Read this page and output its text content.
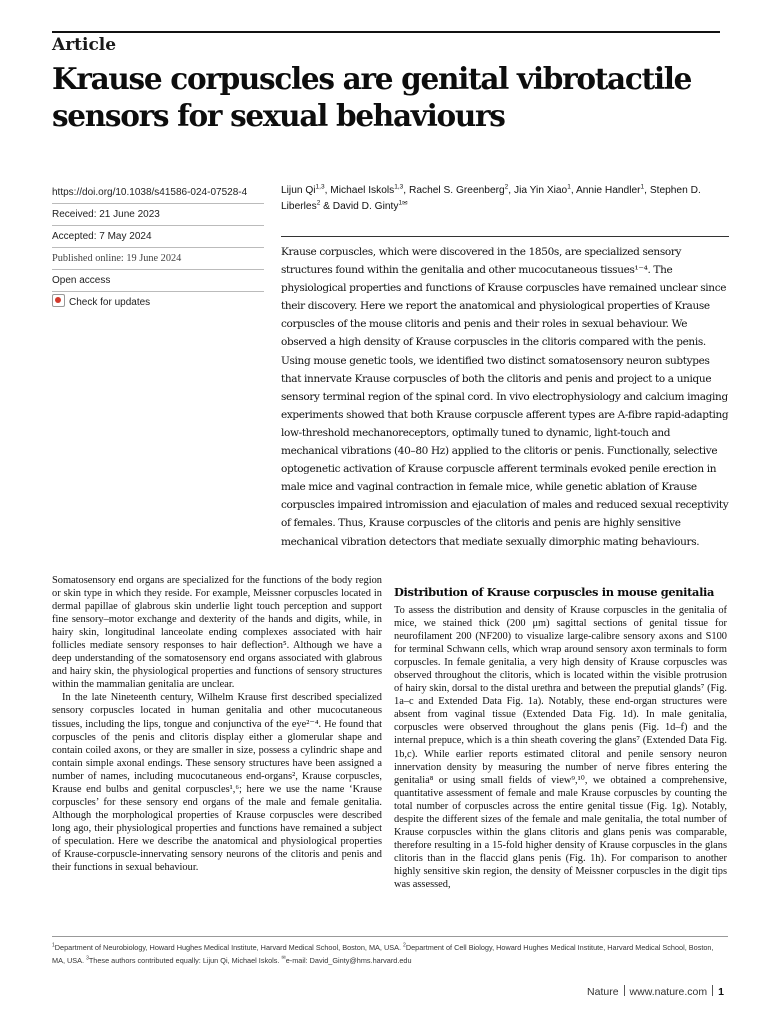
Article
Krause corpuscles are genital vibrotactile sensors for sexual behaviours
https://doi.org/10.1038/s41586-024-07528-4
Received: 21 June 2023
Accepted: 7 May 2024
Published online: 19 June 2024
Open access
Check for updates
Lijun Qi$^{1,3}$, Michael Iskols$^{1,3}$, Rachel S. Greenberg$^2$, Jia Yin Xiao$^1$, Annie Handler$^1$, Stephen D. Liberles$^2$ & David D. Ginty$^{1✉}$

Krause corpuscles, which were discovered in the 1850s, are specialized sensory structures found within the genitalia and other mucocutaneous tissues¹⁻⁴. The physiological properties and functions of Krause corpuscles have remained unclear since their discovery. Here we report the anatomical and physiological properties of Krause corpuscles of the mouse clitoris and penis and their roles in sexual behaviour. We observed a high density of Krause corpuscles in the clitoris compared with the penis. Using mouse genetic tools, we identified two distinct somatosensory neuron subtypes that innervate Krause corpuscles of both the clitoris and penis and project to a unique sensory terminal region of the spinal cord. In vivo electrophysiology and calcium imaging experiments showed that both Krause corpuscle afferent types are A-fibre rapid-adapting low-threshold mechanoreceptors, optimally tuned to dynamic, light-touch and mechanical vibrations (40–80 Hz) applied to the clitoris or penis. Functionally, selective optogenetic activation of Krause corpuscle afferent terminals evoked penile erection in male mice and vaginal contraction in female mice, while genetic ablation of Krause corpuscles impaired intromission and ejaculation of males and reduced sexual receptivity of females. Thus, Krause corpuscles of the clitoris and penis are highly sensitive mechanical vibration detectors that mediate sexually dimorphic mating behaviours.

Somatosensory end organs are specialized for the functions of the body region or skin type in which they reside. For example, Meissner corpuscles located in dermal papillae of glabrous skin underlie light touch perception and support fine sensory–motor exchange and dexterity of the hands and digits, while, in hairy skin, longitudinal lanceolate ending complexes associated with hair follicles mediate sensory responses to hair deflection⁵. Although we have a deep understanding of the somatosensory end organs associated with glabrous and hairy skin, the physiological properties and functions of sensory structures within the mammalian genitalia are unclear.

In the late Nineteenth century, Wilhelm Krause first described specialized sensory corpuscles located in human genitalia and other mucocutaneous tissues, including the lips, tongue and conjunctiva of the eye²⁻⁴. He found that corpuscles of the penis and clitoris display either a glomerular shape and contain coiled axons, or they are smaller in size, possess a cylindric shape and contain simple axonal endings. These sensory structures have been assigned a number of names, including mucocutaneous end-organs², Krause corpuscles, Krause end bulbs and genital corpuscles¹,⁶; here we use the name ‘Krause corpuscles’ for these sensory end organs of the male and female genitalia. Although the morphological properties of Krause corpuscles were described long ago, their physiological properties and functions have remained a subject of speculation. Here we describe the anatomical and physiological properties of Krause-corpuscle-innervating sensory neurons of the clitoris and penis and their functions in sexual behaviour.

Distribution of Krause corpuscles in mouse genitalia

To assess the distribution and density of Krause corpuscles in the genitalia of mice, we stained thick (200 μm) sagittal sections of genital tissue for neurofilament 200 (NF200) to visualize large-calibre sensory axons and S100 for terminal Schwann cells, which wrap around sensory axon terminals to form corpuscles. In female genitalia, a very high density of Krause corpuscles was observed throughout the clitoris, which is located within the visible protrusion of hairy skin, dorsal to the distal urethra and between the preputial glands⁷ (Fig. 1a–c and Extended Data Fig. 1a). Notably, these end-organ structures were absent from vaginal tissue (Extended Data Fig. 1d). In male genitalia, corpuscles were observed throughout the glans penis (Fig. 1d–f) and the internal prepuce, which is a thin sheath covering the glans⁷ (Extended Data Fig. 1b,c). While earlier reports estimated clitoral and penile sensory neuron innervation density by measuring the number of nerve fibres entering the genitalia⁸ or using small fields of view⁹,¹⁰, we obtained a comprehensive, quantitative assessment of female and male Krause corpuscles by counting the total number of corpuscles across the entire genital tissue (Fig. 1g). Notably, despite the different sizes of the female and male genitalia, the total number of Krause corpuscles within the glans clitoris and glans penis was comparable, therefore resulting in a 15-fold higher density of Krause corpuscles in the glans clitoris than in the flaccid glans penis (Fig. 1h). For comparison to another highly sensitive skin region, the density of Meissner corpuscles in the digit tips was assessed,

$^1$Department of Neurobiology, Howard Hughes Medical Institute, Harvard Medical School, Boston, MA, USA. $^2$Department of Cell Biology, Howard Hughes Medical Institute, Harvard Medical School, Boston, MA, USA. $^3$These authors contributed equally: Lijun Qi, Michael Iskols. ✉e-mail: David_Ginty@hms.harvard.edu
Nature www.nature.com 1
